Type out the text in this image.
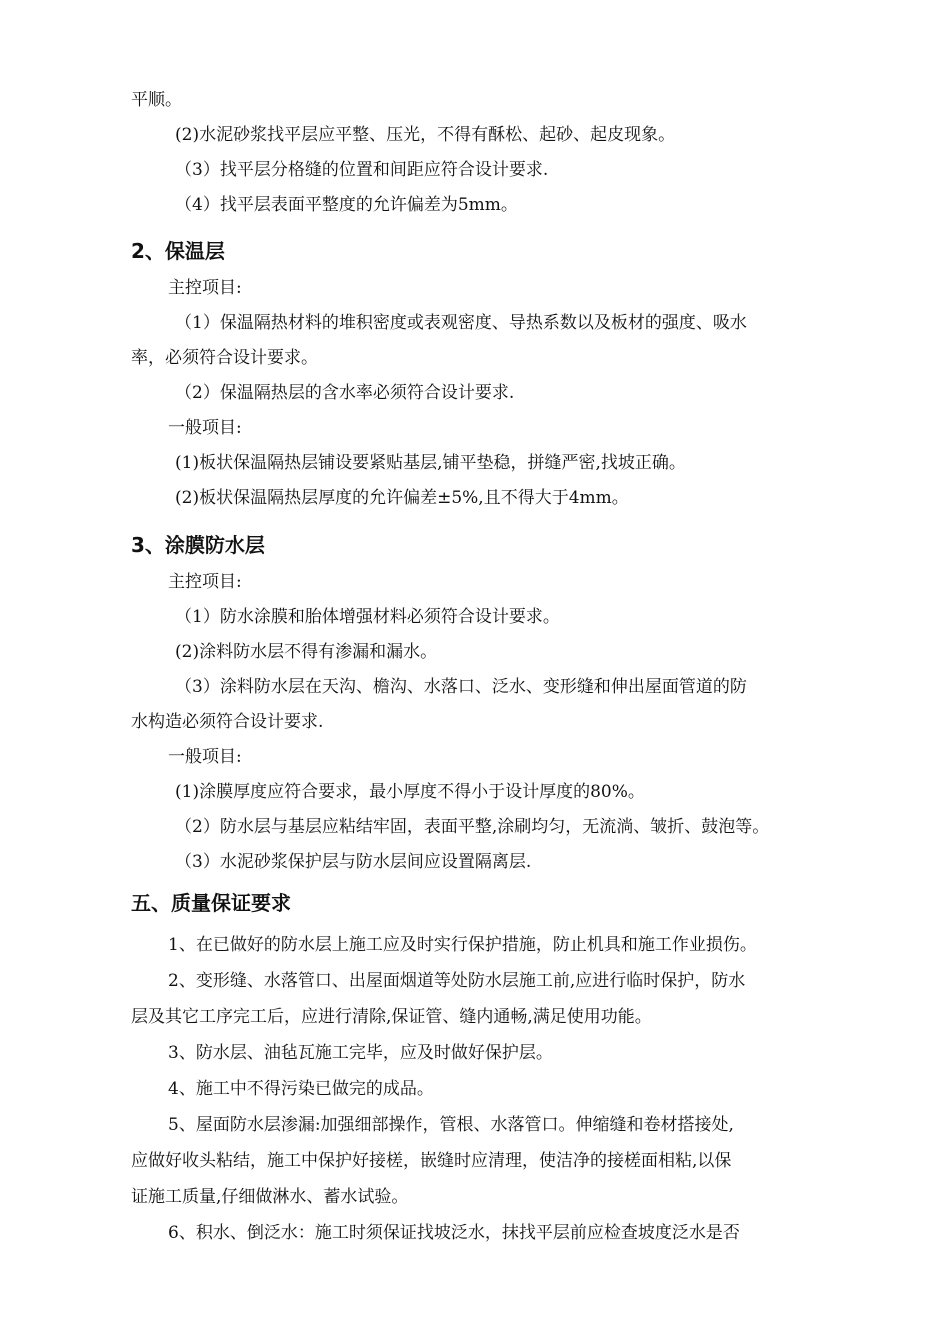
平顺。

(2)水泥砂浆找平层应平整、压光，不得有酥松、起砂、起皮现象。

（3）找平层分格缝的位置和间距应符合设计要求.

（4）找平层表面平整度的允许偏差为5mm。

2、保温层

主控项目:

（1）保温隔热材料的堆积密度或表观密度、导热系数以及板材的强度、吸水

率，必须符合设计要求。

（2）保温隔热层的含水率必须符合设计要求.

一般项目:

(1)板状保温隔热层铺设要紧贴基层,铺平垫稳，拼缝严密,找坡正确。

(2)板状保温隔热层厚度的允许偏差±5%,且不得大于4mm。

3、涂膜防水层

主控项目:

（1）防水涂膜和胎体增强材料必须符合设计要求。

(2)涂料防水层不得有渗漏和漏水。

（3）涂料防水层在天沟、檐沟、水落口、泛水、变形缝和伸出屋面管道的防

水构造必须符合设计要求.

一般项目:

(1)涂膜厚度应符合要求，最小厚度不得小于设计厚度的80%。

（2）防水层与基层应粘结牢固，表面平整,涂刷均匀，无流淌、皱折、鼓泡等。

（3）水泥砂浆保护层与防水层间应设置隔离层.

五、质量保证要求

1、在已做好的防水层上施工应及时实行保护措施，防止机具和施工作业损伤。

2、变形缝、水落管口、出屋面烟道等处防水层施工前,应进行临时保护，防水

层及其它工序完工后，应进行清除,保证管、缝内通畅,满足使用功能。

3、防水层、油毡瓦施工完毕，应及时做好保护层。

4、施工中不得污染已做完的成品。

5、屋面防水层渗漏:加强细部操作，管根、水落管口。伸缩缝和卷材搭接处,

应做好收头粘结，施工中保护好接槎，嵌缝时应清理，使洁净的接槎面相粘,以保

证施工质量,仔细做淋水、蓄水试验。

6、积水、倒泛水：施工时须保证找坡泛水，抹找平层前应检查坡度泛水是否
